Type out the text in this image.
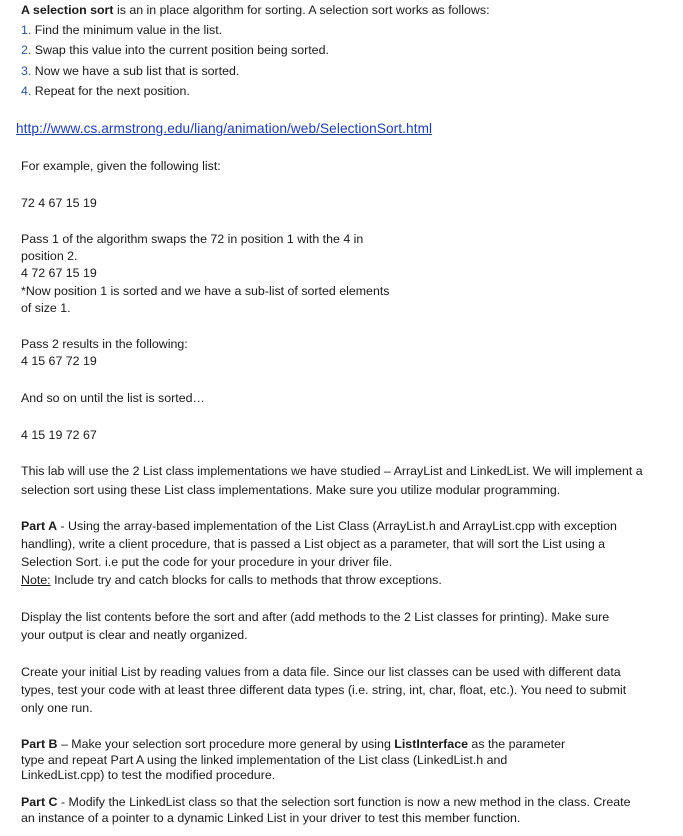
A selection sort is an in place algorithm for sorting. A selection sort works as follows:
1. Find the minimum value in the list.
2. Swap this value into the current position being sorted.
3. Now we have a sub list that is sorted.
4. Repeat for the next position.
http://www.cs.armstrong.edu/liang/animation/web/SelectionSort.html
For example, given the following list:
72 4 67 15 19
Pass 1 of the algorithm swaps the 72 in position 1 with the 4 in
position 2.
4 72 67 15 19
*Now position 1 is sorted and we have a sub-list of sorted elements
of size 1.
Pass 2 results in the following:
4 15 67 72 19
And so on until the list is sorted…
4 15 19 72 67
This lab will use the 2 List class implementations we have studied – ArrayList and LinkedList. We will implement a
selection sort using these List class implementations. Make sure you utilize modular programming.
Part A - Using the array-based implementation of the List Class (ArrayList.h and ArrayList.cpp with exception
handling), write a client procedure, that is passed a List object as a parameter, that will sort the List using a
Selection Sort. i.e put the code for your procedure in your driver file.
Note: Include try and catch blocks for calls to methods that throw exceptions.
Display the list contents before the sort and after (add methods to the 2 List classes for printing). Make sure
your output is clear and neatly organized.
Create your initial List by reading values from a data file. Since our list classes can be used with different data
types, test your code with at least three different data types (i.e. string, int, char, float, etc.). You need to submit
only one run.
Part B – Make your selection sort procedure more general by using ListInterface as the parameter
type and repeat Part A using the linked implementation of the List class (LinkedList.h and
LinkedList.cpp) to test the modified procedure.
Part C - Modify the LinkedList class so that the selection sort function is now a new method in the class. Create
an instance of a pointer to a dynamic Linked List in your driver to test this member function.
